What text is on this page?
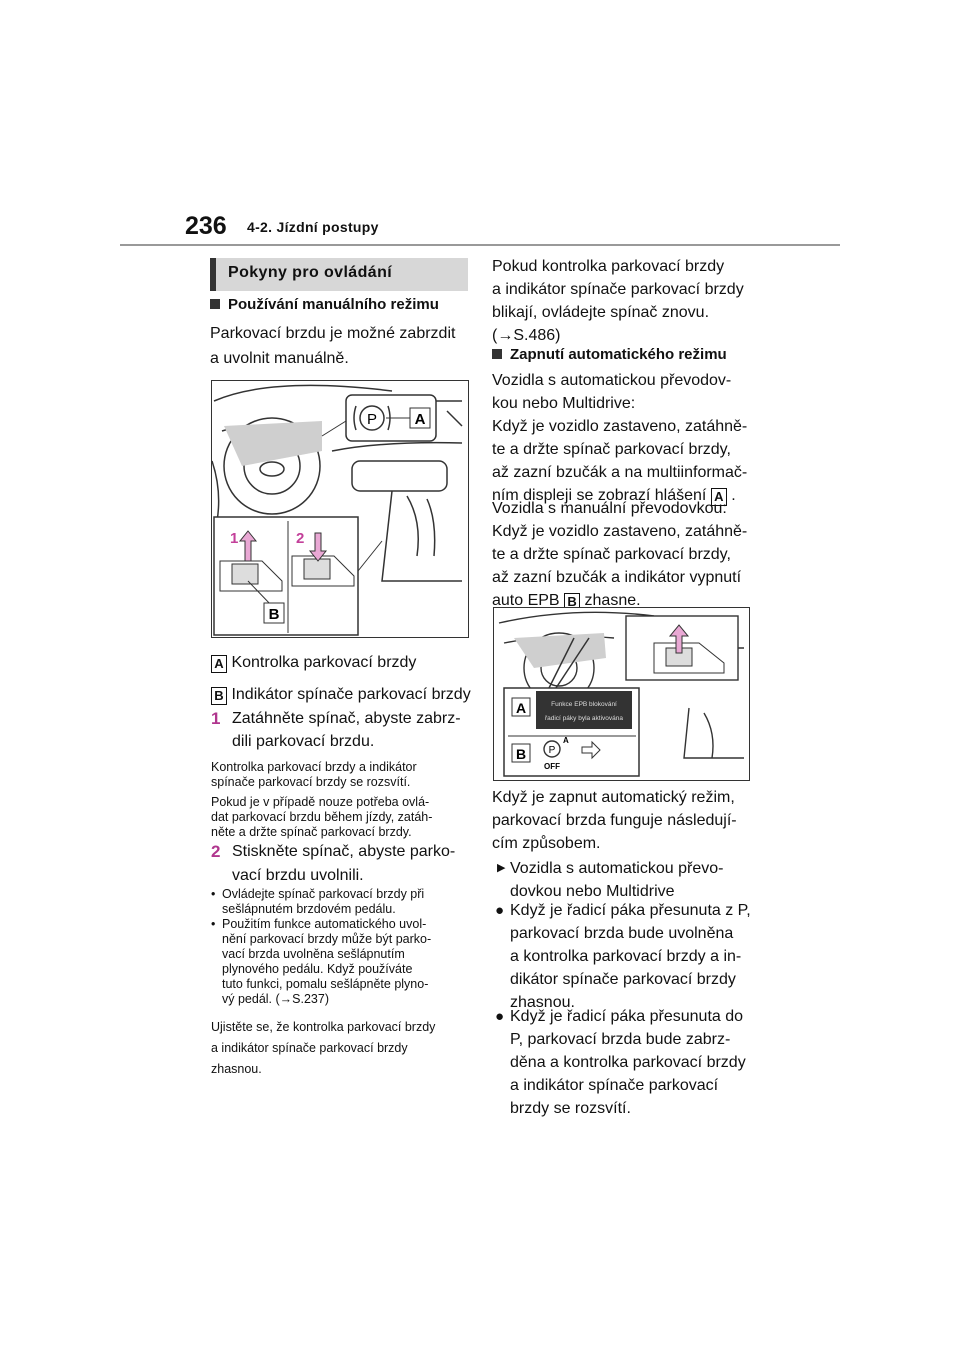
236 4-2. Jízdní postupy
Pokyny pro ovládání
Používání manuálního režimu
Parkovací brzdu je možné zabrzdit
a uvolnit manuálně.
P	A
1	2
B
A Kontrolka parkovací brzdy
B Indikátor spínače parkovací brzdy
1 Zatáhněte spínač, abyste zabrz-
dili parkovací brzdu.
Kontrolka parkovací brzdy a indikátor
spínače parkovací brzdy se rozsvítí.
Pokud je v případě nouze potřeba ovlá-
dat parkovací brzdu během jízdy, zatáh-
něte a držte spínač parkovací brzdy.
2 Stiskněte spínač, abyste parko-
vací brzdu uvolnili.
• Ovládejte spínač parkovací brzdy při
sešlápnutém brzdovém pedálu.
• Použitím funkce automatického uvol-
nění parkovací brzdy může být parko-
vací brzda uvolněna sešlápnutím
plynového pedálu. Když používáte
tuto funkci, pomalu sešlápněte plyno-
vý pedál. (→S.237)
Ujistěte se, že kontrolka parkovací brzdy
a indikátor spínače parkovací brzdy
zhasnou.
Pokud kontrolka parkovací brzdy
a indikátor spínače parkovací brzdy
blikají, ovládejte spínač znovu.
(→S.486)
Zapnutí automatického režimu
Vozidla s automatickou převodov-
kou nebo Multidrive:
Když je vozidlo zastaveno, zatáhně-
te a držte spínač parkovací brzdy,
až zazní bzučák a na multiinformač-
ním displeji se zobrazí hlášení A .
Vozidla s manuální převodovkou:
Když je vozidlo zastaveno, zatáhně-
te a držte spínač parkovací brzdy,
až zazní bzučák a indikátor vypnutí
auto EPB B zhasne.
A	Funkce EPB blokování
řadicí páky byla aktivována
B P
A
OFF
Když je zapnut automatický režim,
parkovací brzda funguje následují-
cím způsobem.
▶ Vozidla s automatickou převo-
dovkou nebo Multidrive
● Když je řadicí páka přesunuta z P,
parkovací brzda bude uvolněna
a kontrolka parkovací brzdy a in-
dikátor spínače parkovací brzdy
zhasnou.
● Když je řadicí páka přesunuta do
P, parkovací brzda bude zabrz-
děna a kontrolka parkovací brzdy
a indikátor spínače parkovací
brzdy se rozsvítí.
